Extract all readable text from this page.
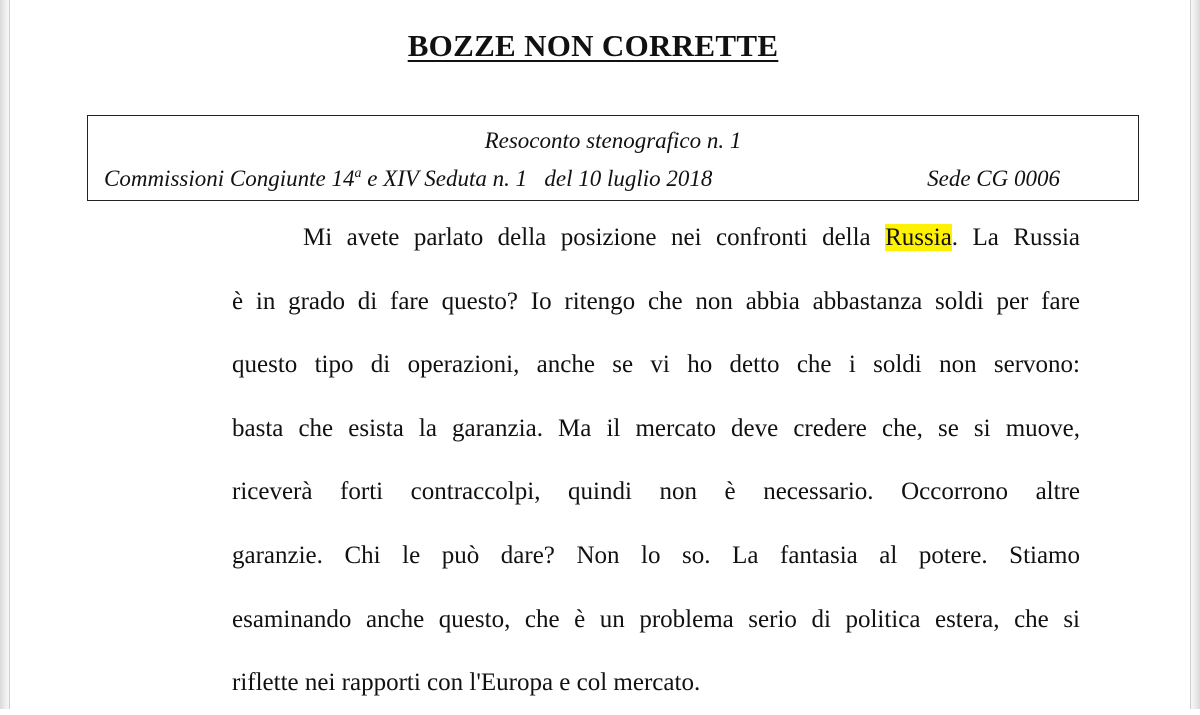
BOZZE NON CORRETTE
Resoconto stenografico n. 1
Commissioni Congiunte 14$^a$ e XIV Seduta n. 1   del 10 luglio 2018	Sede CG 0006
Mi avete parlato della posizione nei confronti della Russia. La Russia
è in grado di fare questo? Io ritengo che non abbia abbastanza soldi per fare
questo tipo di operazioni, anche se vi ho detto che i soldi non servono:
basta che esista la garanzia. Ma il mercato deve credere che, se si muove,
riceverà forti contraccolpi, quindi non è necessario. Occorrono altre
garanzie. Chi le può dare? Non lo so. La fantasia al potere. Stiamo
esaminando anche questo, che è un problema serio di politica estera, che si
riflette nei rapporti con l'Europa e col mercato.
